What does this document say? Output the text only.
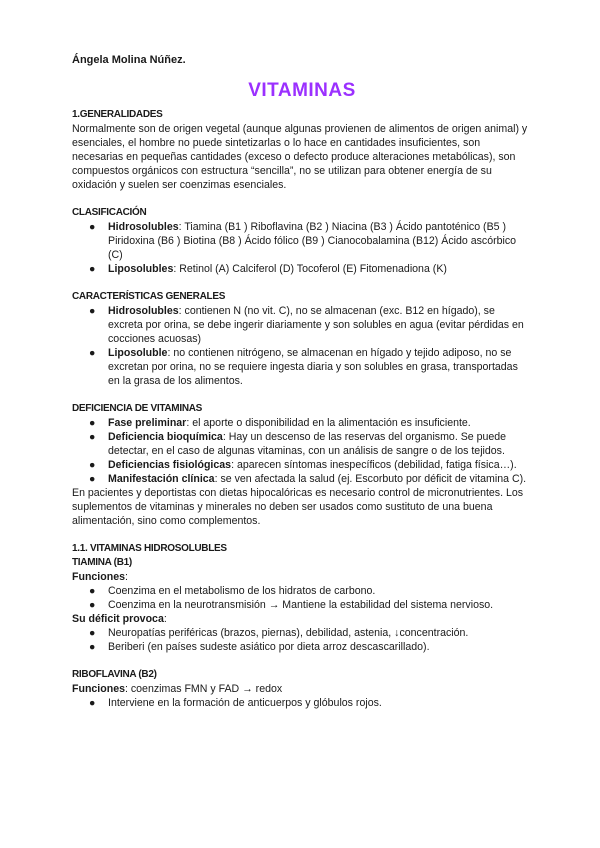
Ángela Molina Núñez.

VITAMINAS

1.GENERALIDADES

Normalmente son de origen vegetal (aunque algunas provienen de alimentos de origen animal) y esenciales, el hombre no puede sintetizarlas o lo hace en cantidades insuficientes, son necesarias en pequeñas cantidades (exceso o defecto produce alteraciones metabólicas), son compuestos orgánicos con estructura “sencilla”, no se utilizan para obtener energía de su oxidación y suelen ser coenzimas esenciales.

CLASIFICACIÓN

● Hidrosolubles: Tiamina (B1 ) Riboflavina (B2 ) Niacina (B3 ) Ácido pantoténico (B5 ) Piridoxina (B6 ) Biotina (B8 ) Ácido fólico (B9 ) Cianocobalamina (B12) Ácido ascórbico (C)
● Liposolubles: Retinol (A) Calciferol (D) Tocoferol (E) Fitomenadiona (K)

CARACTERÍSTICAS GENERALES

● Hidrosolubles: contienen N (no vit. C), no se almacenan (exc. B12 en hígado), se excreta por orina, se debe ingerir diariamente y son solubles en agua (evitar pérdidas en cocciones acuosas)
● Liposoluble: no contienen nitrógeno, se almacenan en hígado y tejido adiposo, no se excretan por orina, no se requiere ingesta diaria y son solubles en grasa, transportadas en la grasa de los alimentos.

DEFICIENCIA DE VITAMINAS

● Fase preliminar: el aporte o disponibilidad en la alimentación es insuficiente.
● Deficiencia bioquímica: Hay un descenso de las reservas del organismo. Se puede detectar, en el caso de algunas vitaminas, con un análisis de sangre o de los tejidos.
● Deficiencias fisiológicas: aparecen síntomas inespecíficos (debilidad, fatiga física…).
● Manifestación clínica: se ven afectada la salud (ej. Escorbuto por déficit de vitamina C).

En pacientes y deportistas con dietas hipocalóricas es necesario control de micronutrientes. Los suplementos de vitaminas y minerales no deben ser usados como sustituto de una buena alimentación, sino como complementos.

1.1. VITAMINAS HIDROSOLUBLES

TIAMINA (B1)

Funciones:

● Coenzima en el metabolismo de los hidratos de carbono.
● Coenzima en la neurotransmisión → Mantiene la estabilidad del sistema nervioso.

Su déficit provoca:

● Neuropatías periféricas (brazos, piernas), debilidad, astenia, ↓concentración.
● Beriberi (en países sudeste asiático por dieta arroz descascarillado).

RIBOFLAVINA (B2)

Funciones: coenzimas FMN y FAD → redox

● Interviene en la formación de anticuerpos y glóbulos rojos.
